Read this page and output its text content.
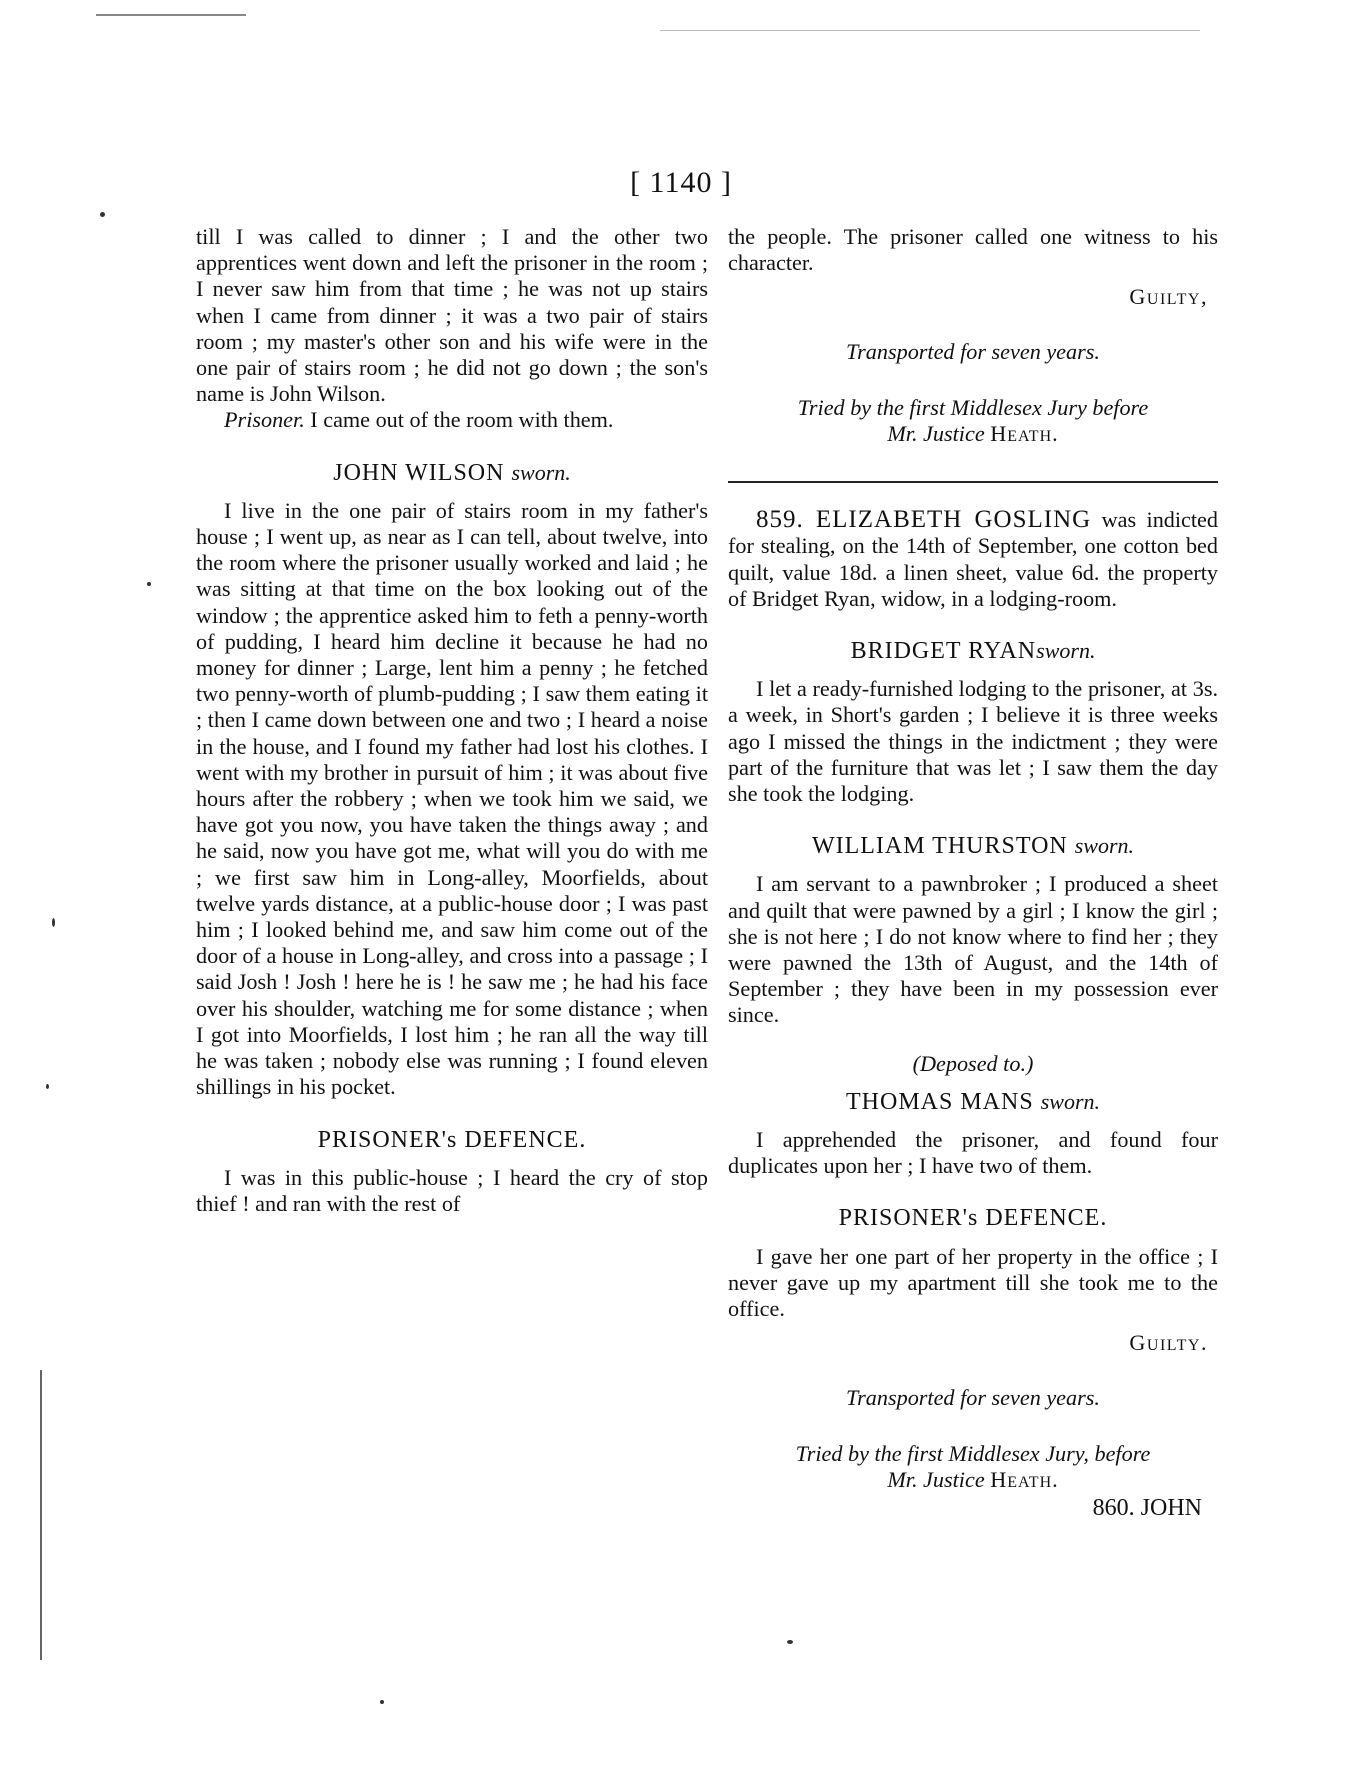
[ 1140 ]

till I was called to dinner ; I and the other two apprentices went down and left the prisoner in the room ; I never saw him from that time ; he was not up stairs when I came from dinner ; it was a two pair of stairs room ; my master's other son and his wife were in the one pair of stairs room ; he did not go down ; the son's name is John Wilson.

Prisoner. I came out of the room with them.

JOHN WILSON sworn.

I live in the one pair of stairs room in my father's house ; I went up, as near as I can tell, about twelve, into the room where the prisoner usually worked and laid ; he was sitting at that time on the box looking out of the window ; the apprentice asked him to feth a penny-worth of pudding, I heard him decline it because he had no money for dinner ; Large, lent him a penny ; he fetched two penny-worth of plumb-pudding ; I saw them eating it ; then I came down between one and two ; I heard a noise in the house, and I found my father had lost his clothes. I went with my brother in pursuit of him ; it was about five hours after the robbery ; when we took him we said, we have got you now, you have taken the things away ; and he said, now you have got me, what will you do with me ; we first saw him in Long-alley, Moorfields, about twelve yards distance, at a public-house door ; I was past him ; I looked behind me, and saw him come out of the door of a house in Long-alley, and cross into a passage ; I said Josh ! Josh ! here he is ! he saw me ; he had his face over his shoulder, watching me for some distance ; when I got into Moorfields, I lost him ; he ran all the way till he was taken ; nobody else was running ; I found eleven shillings in his pocket.

PRISONER's DEFENCE.

I was in this public-house ; I heard the cry of stop thief ! and ran with the rest of

the people. The prisoner called one witness to his character.

Guilty,
Transported for seven years.
Tried by the first Middlesex Jury before
Mr. Justice Heath.

859. ELIZABETH GOSLING was indicted for stealing, on the 14th of September, one cotton bed quilt, value 18d. a linen sheet, value 6d. the property of Bridget Ryan, widow, in a lodging-room.

BRIDGET RYANsworn.

I let a ready-furnished lodging to the prisoner, at 3s. a week, in Short's garden ; I believe it is three weeks ago I missed the things in the indictment ; they were part of the furniture that was let ; I saw them the day she took the lodging.

WILLIAM THURSTON sworn.

I am servant to a pawnbroker ; I produced a sheet and quilt that were pawned by a girl ; I know the girl ; she is not here ; I do not know where to find her ; they were pawned the 13th of August, and the 14th of September ; they have been in my possession ever since.

(Deposed to.)
THOMAS MANS sworn.

I apprehended the prisoner, and found four duplicates upon her ; I have two of them.

PRISONER's DEFENCE.

I gave her one part of her property in the office ; I never gave up my apartment till she took me to the office.

Guilty.
Transported for seven years.
Tried by the first Middlesex Jury, before
Mr. Justice Heath.
860. JOHN
